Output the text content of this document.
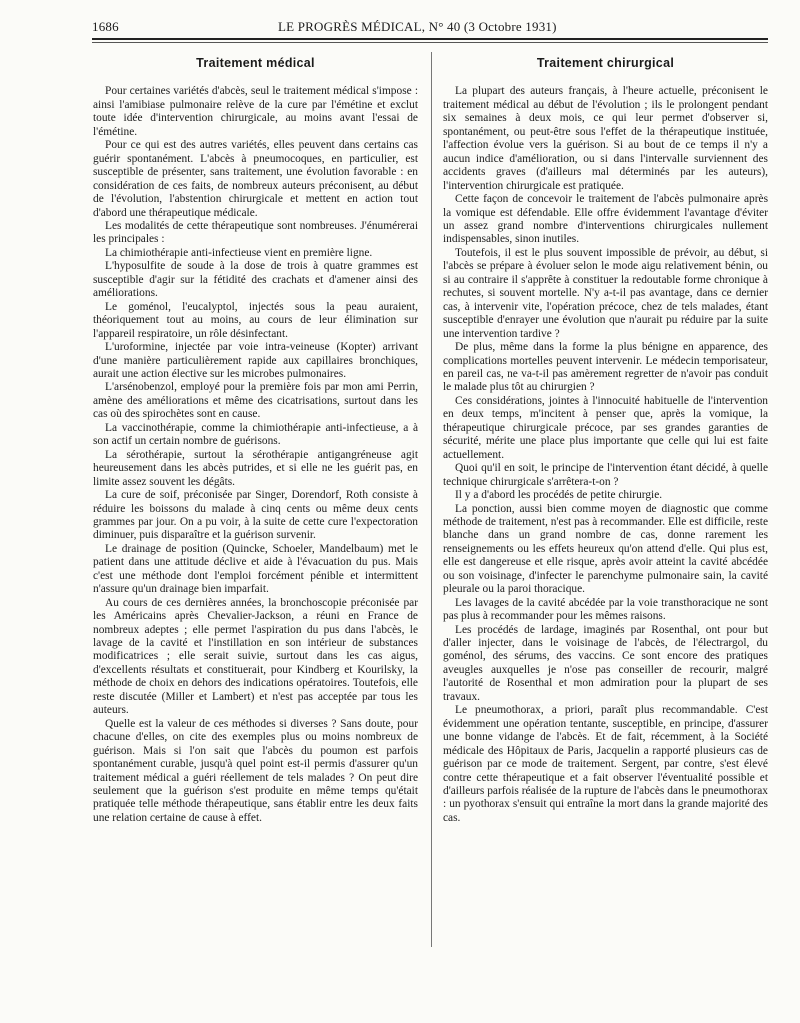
1686	LE PROGRÈS MÉDICAL, N° 40 (3 Octobre 1931)
Traitement médical

Pour certaines variétés d'abcès, seul le traitement médical s'impose : ainsi l'amibiase pulmonaire relève de la cure par l'émétine et exclut toute idée d'intervention chirurgicale, au moins avant l'essai de l'émétine.

Pour ce qui est des autres variétés, elles peuvent dans certains cas guérir spontanément. L'abcès à pneumocoques, en particulier, est susceptible de présenter, sans traitement, une évolution favorable : en considération de ces faits, de nombreux auteurs préconisent, au début de l'évolution, l'abstention chirurgicale et mettent en action tout d'abord une thérapeutique médicale.

Les modalités de cette thérapeutique sont nombreuses. J'énumérerai les principales :

La chimiothérapie anti-infectieuse vient en première ligne.

L'hyposulfite de soude à la dose de trois à quatre grammes est susceptible d'agir sur la fétidité des crachats et d'amener ainsi des améliorations.

Le goménol, l'eucalyptol, injectés sous la peau auraient, théoriquement tout au moins, au cours de leur élimination sur l'appareil respiratoire, un rôle désinfectant.

L'uroformine, injectée par voie intra-veineuse (Kopter) arrivant d'une manière particulièrement rapide aux capillaires bronchiques, aurait une action élective sur les microbes pulmonaires.

L'arsénobenzol, employé pour la première fois par mon ami Perrin, amène des améliorations et même des cicatrisations, surtout dans les cas où des spirochètes sont en cause.

La vaccinothérapie, comme la chimiothérapie anti-infectieuse, a à son actif un certain nombre de guérisons.

La sérothérapie, surtout la sérothérapie antigangréneuse agit heureusement dans les abcès putrides, et si elle ne les guérit pas, en limite assez souvent les dégâts.

La cure de soif, préconisée par Singer, Dorendorf, Roth consiste à réduire les boissons du malade à cinq cents ou même deux cents grammes par jour. On a pu voir, à la suite de cette cure l'expectoration diminuer, puis disparaître et la guérison survenir.

Le drainage de position (Quincke, Schoeler, Mandelbaum) met le patient dans une attitude déclive et aide à l'évacuation du pus. Mais c'est une méthode dont l'emploi forcément pénible et intermittent n'assure qu'un drainage bien imparfait.

Au cours de ces dernières années, la bronchoscopie préconisée par les Américains après Chevalier-Jackson, a réuni en France de nombreux adeptes ; elle permet l'aspiration du pus dans l'abcès, le lavage de la cavité et l'instillation en son intérieur de substances modificatrices ; elle serait suivie, surtout dans les cas aigus, d'excellents résultats et constituerait, pour Kindberg et Kourilsky, la méthode de choix en dehors des indications opératoires. Toutefois, elle reste discutée (Miller et Lambert) et n'est pas acceptée par tous les auteurs.

Quelle est la valeur de ces méthodes si diverses ? Sans doute, pour chacune d'elles, on cite des exemples plus ou moins nombreux de guérison. Mais si l'on sait que l'abcès du poumon est parfois spontanément curable, jusqu'à quel point est-il permis d'assurer qu'un traitement médical a guéri réellement de tels malades ? On peut dire seulement que la guérison s'est produite en même temps qu'était pratiquée telle méthode thérapeutique, sans établir entre les deux faits une relation certaine de cause à effet.

Traitement chirurgical

La plupart des auteurs français, à l'heure actuelle, préconisent le traitement médical au début de l'évolution ; ils le prolongent pendant six semaines à deux mois, ce qui leur permet d'observer si, spontanément, ou peut-être sous l'effet de la thérapeutique instituée, l'affection évolue vers la guérison. Si au bout de ce temps il n'y a aucun indice d'amélioration, ou si dans l'intervalle surviennent des accidents graves (d'ailleurs mal déterminés par les auteurs), l'intervention chirurgicale est pratiquée.

Cette façon de concevoir le traitement de l'abcès pulmonaire après la vomique est défendable. Elle offre évidemment l'avantage d'éviter un assez grand nombre d'interventions chirurgicales nullement indispensables, sinon inutiles.

Toutefois, il est le plus souvent impossible de prévoir, au début, si l'abcès se prépare à évoluer selon le mode aigu relativement bénin, ou si au contraire il s'apprête à constituer la redoutable forme chronique à rechutes, si souvent mortelle. N'y a-t-il pas avantage, dans ce dernier cas, à intervenir vite, l'opération précoce, chez de tels malades, étant susceptible d'enrayer une évolution que n'aurait pu réduire par la suite une intervention tardive ?

De plus, même dans la forme la plus bénigne en apparence, des complications mortelles peuvent intervenir. Le médecin temporisateur, en pareil cas, ne va-t-il pas amèrement regretter de n'avoir pas conduit le malade plus tôt au chirurgien ?

Ces considérations, jointes à l'innocuité habituelle de l'intervention en deux temps, m'incitent à penser que, après la vomique, la thérapeutique chirurgicale précoce, par ses grandes garanties de sécurité, mérite une place plus importante que celle qui lui est faite actuellement.

Quoi qu'il en soit, le principe de l'intervention étant décidé, à quelle technique chirurgicale s'arrêtera-t-on ?

Il y a d'abord les procédés de petite chirurgie.

La ponction, aussi bien comme moyen de diagnostic que comme méthode de traitement, n'est pas à recommander. Elle est difficile, reste blanche dans un grand nombre de cas, donne rarement les renseignements ou les effets heureux qu'on attend d'elle. Qui plus est, elle est dangereuse et elle risque, après avoir atteint la cavité abcédée ou son voisinage, d'infecter le parenchyme pulmonaire sain, la cavité pleurale ou la paroi thoracique.

Les lavages de la cavité abcédée par la voie transthoracique ne sont pas plus à recommander pour les mêmes raisons.

Les procédés de lardage, imaginés par Rosenthal, ont pour but d'aller injecter, dans le voisinage de l'abcès, de l'électrargol, du goménol, des sérums, des vaccins. Ce sont encore des pratiques aveugles auxquelles je n'ose pas conseiller de recourir, malgré l'autorité de Rosenthal et mon admiration pour la plupart de ses travaux.

Le pneumothorax, a priori, paraît plus recommandable. C'est évidemment une opération tentante, susceptible, en principe, d'assurer une bonne vidange de l'abcès. Et de fait, récemment, à la Société médicale des Hôpitaux de Paris, Jacquelin a rapporté plusieurs cas de guérison par ce mode de traitement. Sergent, par contre, s'est élevé contre cette thérapeutique et a fait observer l'éventualité possible et d'ailleurs parfois réalisée de la rupture de l'abcès dans le pneumothorax : un pyothorax s'ensuit qui entraîne la mort dans la grande majorité des cas.
